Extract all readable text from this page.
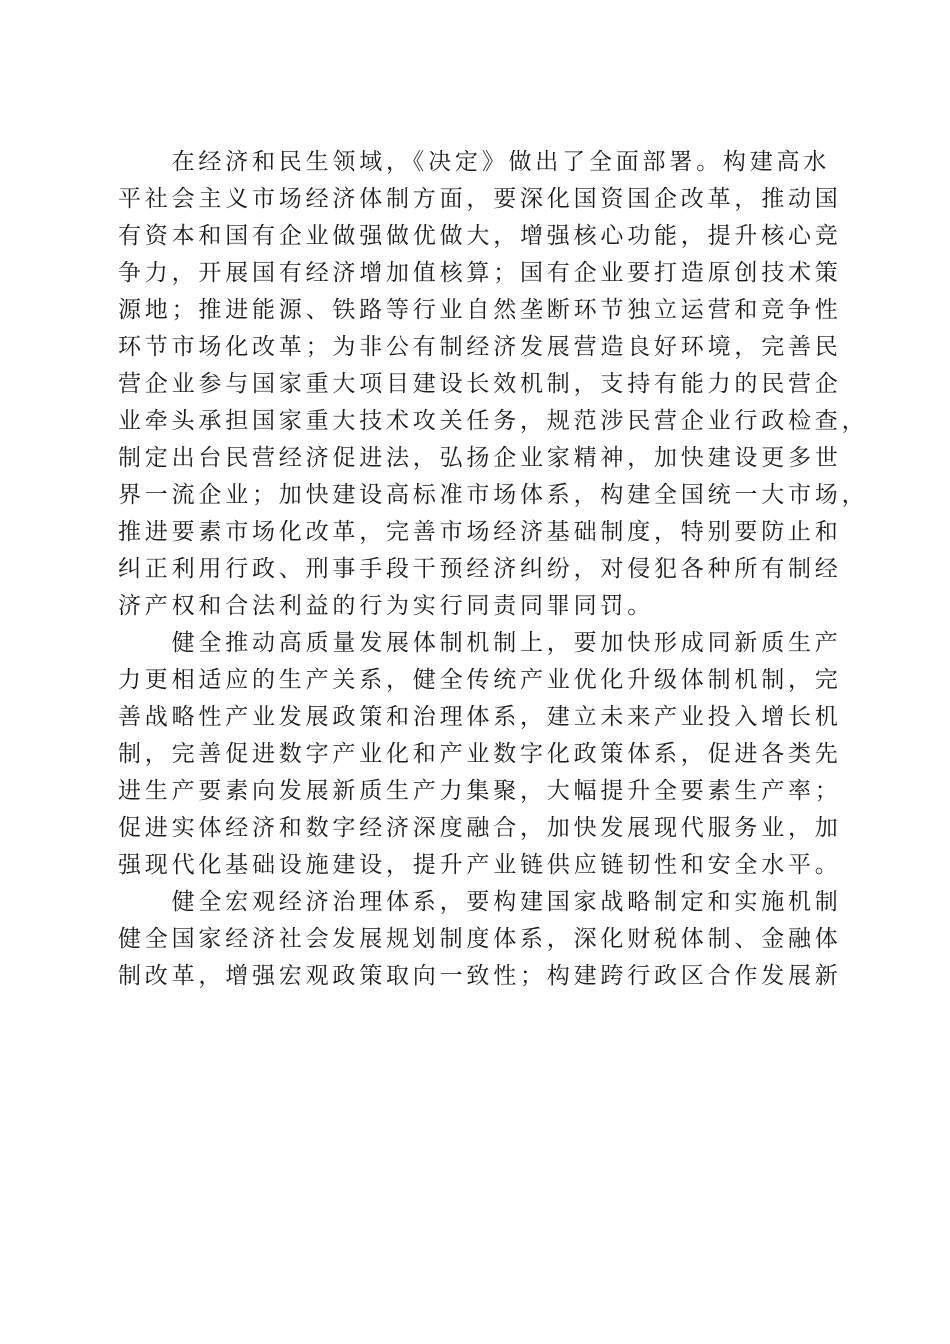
　　在经济和民生领域，《决定》做出了全面部署。构建高水
平社会主义市场经济体制方面，要深化国资国企改革，推动国
有资本和国有企业做强做优做大，增强核心功能，提升核心竞
争力，开展国有经济增加值核算；国有企业要打造原创技术策
源地；推进能源、铁路等行业自然垄断环节独立运营和竞争性
环节市场化改革；为非公有制经济发展营造良好环境，完善民
营企业参与国家重大项目建设长效机制，支持有能力的民营企
业牵头承担国家重大技术攻关任务，规范涉民营企业行政检查，
制定出台民营经济促进法，弘扬企业家精神，加快建设更多世
界一流企业；加快建设高标准市场体系，构建全国统一大市场，
推进要素市场化改革，完善市场经济基础制度，特别要防止和
纠正利用行政、刑事手段干预经济纠纷，对侵犯各种所有制经
济产权和合法利益的行为实行同责同罪同罚。
　　健全推动高质量发展体制机制上，要加快形成同新质生产
力更相适应的生产关系，健全传统产业优化升级体制机制，完
善战略性产业发展政策和治理体系，建立未来产业投入增长机
制，完善促进数字产业化和产业数字化政策体系，促进各类先
进生产要素向发展新质生产力集聚，大幅提升全要素生产率；
促进实体经济和数字经济深度融合，加快发展现代服务业，加
强现代化基础设施建设，提升产业链供应链韧性和安全水平。
　　健全宏观经济治理体系，要构建国家战略制定和实施机制
健全国家经济社会发展规划制度体系，深化财税体制、金融体
制改革，增强宏观政策取向一致性；构建跨行政区合作发展新
